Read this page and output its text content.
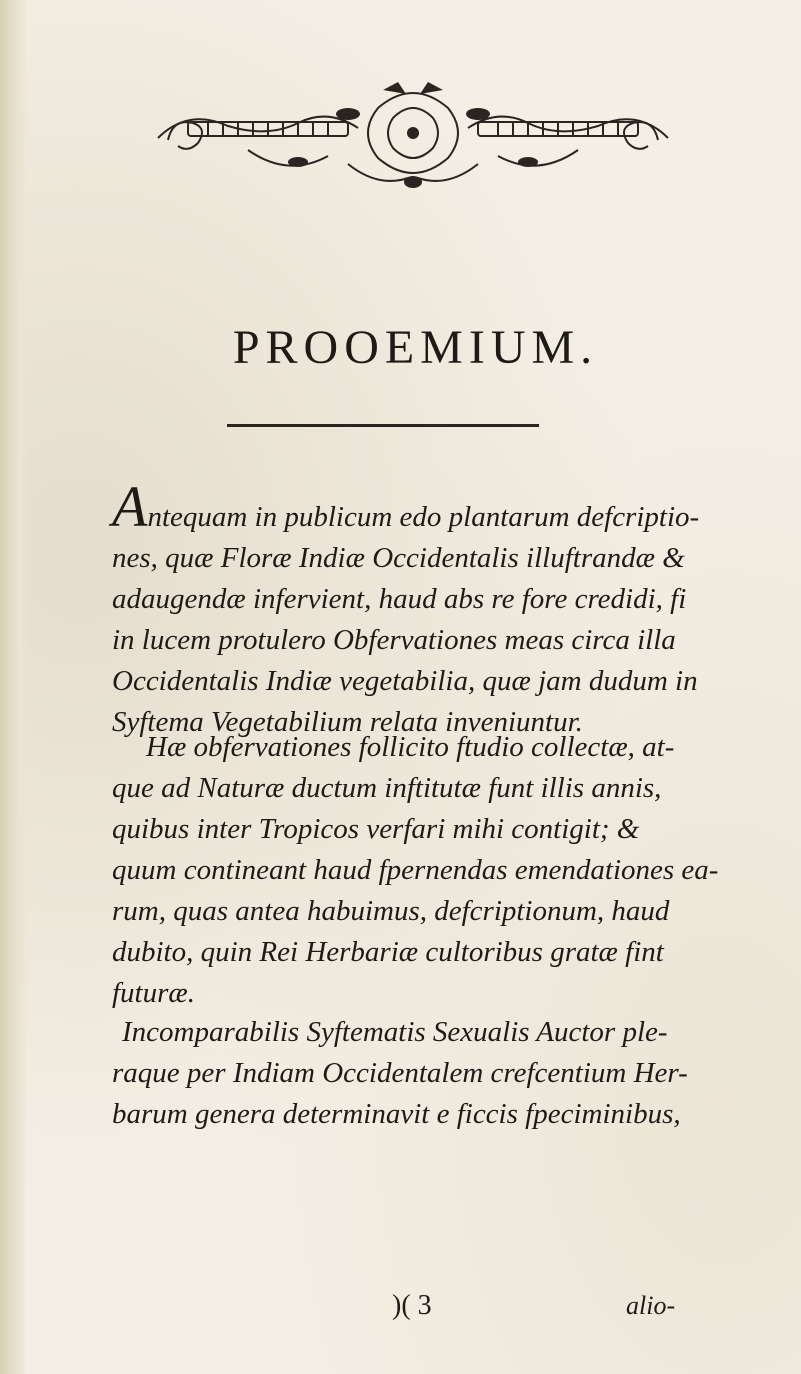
PROOEMIUM.

Antequam in publicum edo plantarum defcriptio-
nes, quæ Floræ Indiæ Occidentalis illuftrandæ &
adaugendæ infervient, haud abs re fore credidi, fi
in lucem protulero Obfervationes meas circa illa
Occidentalis Indiæ vegetabilia, quæ jam dudum in
Syftema Vegetabilium relata inveniuntur.

Hæ obfervationes follicito ftudio collectæ, at-
que ad Naturæ ductum inftitutæ funt illis annis,
quibus inter Tropicos verfari mihi contigit; &
quum contineant haud fpernendas emendationes ea-
rum, quas antea habuimus, defcriptionum, haud
dubito, quin Rei Herbariæ cultoribus gratæ fint
futuræ.

Incomparabilis Syftematis Sexualis Auctor ple-
raque per Indiam Occidentalem crefcentium Her-
barum genera determinavit e ficcis fpeciminibus,

)( 3	alio-
